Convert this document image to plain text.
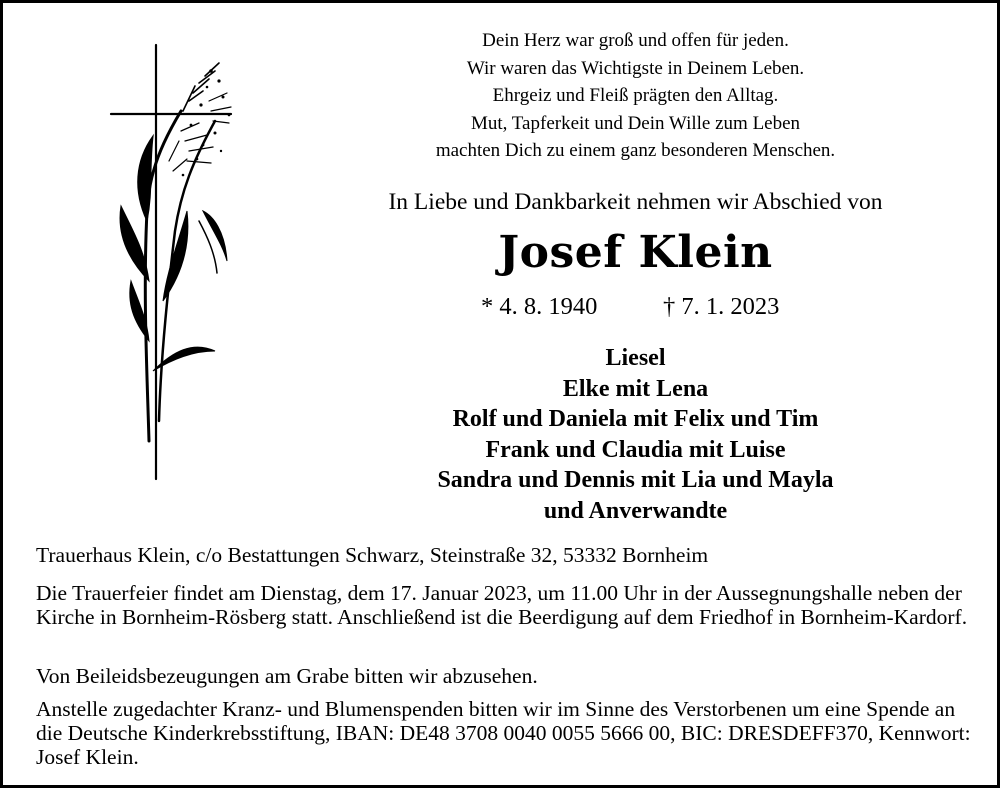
Dein Herz war groß und offen für jeden.
Wir waren das Wichtigste in Deinem Leben.
Ehrgeiz und Fleiß prägten den Alltag.
Mut, Tapferkeit und Dein Wille zum Leben
machten Dich zu einem ganz besonderen Menschen.
In Liebe und Dankbarkeit nehmen wir Abschied von
Josef Klein
* 4. 8. 1940	† 7. 1. 2023
Liesel
Elke mit Lena
Rolf und Daniela mit Felix und Tim
Frank und Claudia mit Luise
Sandra und Dennis mit Lia und Mayla
und Anverwandte
Trauerhaus Klein, c/o Bestattungen Schwarz, Steinstraße 32, 53332 Bornheim
Die Trauerfeier findet am Dienstag, dem 17. Januar 2023, um 11.00 Uhr in der Aussegnungshalle neben der Kirche in Bornheim-Rösberg statt. Anschließend ist die Beerdigung auf dem Friedhof in Bornheim-Kardorf.
Von Beileidsbezeugungen am Grabe bitten wir abzusehen.
Anstelle zugedachter Kranz- und Blumenspenden bitten wir im Sinne des Verstorbenen um eine Spende an die Deutsche Kinderkrebsstiftung, IBAN: DE48 3708 0040 0055 5666 00, BIC: DRESDEFF370, Kennwort: Josef Klein.
